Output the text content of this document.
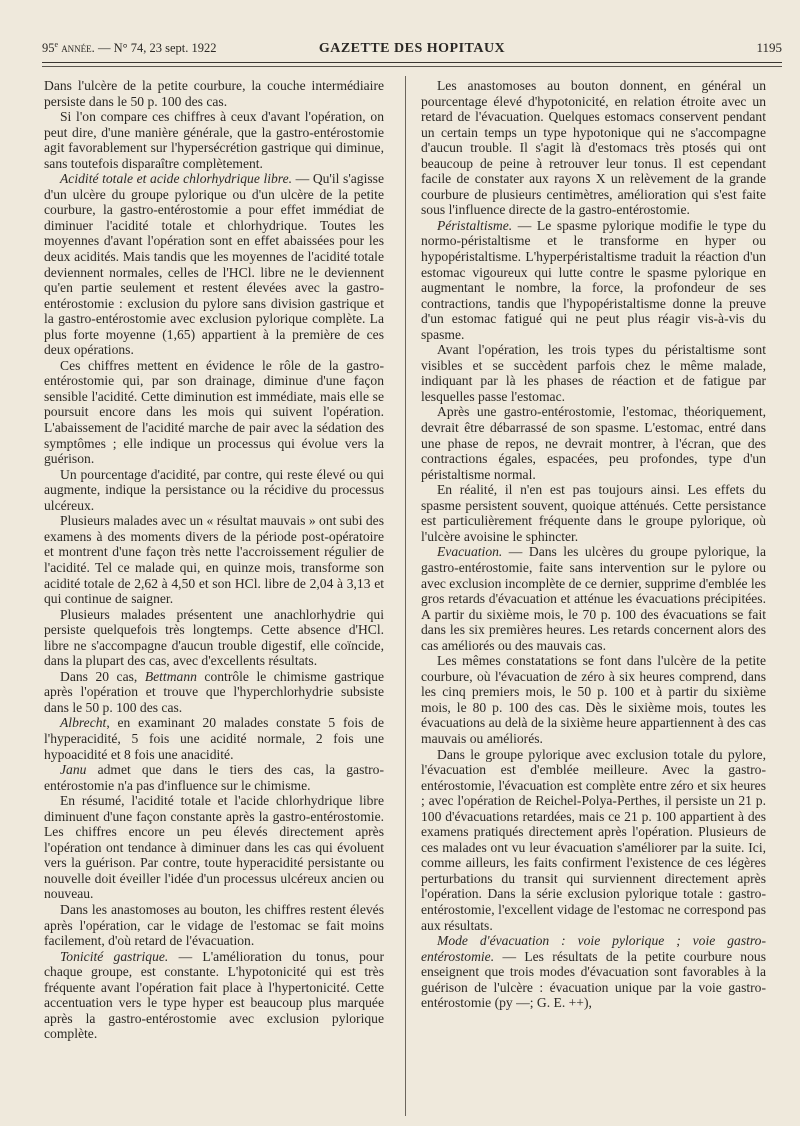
95e année. — N° 74, 23 sept. 1922	GAZETTE DES HOPITAUX	1195

Dans l'ulcère de la petite courbure, la couche intermédiaire persiste dans le 50 p. 100 des cas.

Si l'on compare ces chiffres à ceux d'avant l'opération, on peut dire, d'une manière générale, que la gastro-entérostomie agit favorablement sur l'hypersécrétion gastrique qui diminue, sans toutefois disparaître complètement.

Acidité totale et acide chlorhydrique libre. — Qu'il s'agisse d'un ulcère du groupe pylorique ou d'un ulcère de la petite courbure, la gastro-entérostomie a pour effet immédiat de diminuer l'acidité totale et chlorhydrique. Toutes les moyennes d'avant l'opération sont en effet abaissées pour les deux acidités. Mais tandis que les moyennes de l'acidité totale deviennent normales, celles de l'HCl. libre ne le deviennent qu'en partie seulement et restent élevées avec la gastro-entérostomie : exclusion du pylore sans division gastrique et la gastro-entérostomie avec exclusion pylorique complète. La plus forte moyenne (1,65) appartient à la première de ces deux opérations.

Ces chiffres mettent en évidence le rôle de la gastro-entérostomie qui, par son drainage, diminue d'une façon sensible l'acidité. Cette diminution est immédiate, mais elle se poursuit encore dans les mois qui suivent l'opération. L'abaissement de l'acidité marche de pair avec la sédation des symptômes ; elle indique un processus qui évolue vers la guérison.

Un pourcentage d'acidité, par contre, qui reste élevé ou qui augmente, indique la persistance ou la récidive du processus ulcéreux.

Plusieurs malades avec un « résultat mauvais » ont subi des examens à des moments divers de la période post-opératoire et montrent d'une façon très nette l'accroissement régulier de l'acidité. Tel ce malade qui, en quinze mois, transforme son acidité totale de 2,62 à 4,50 et son HCl. libre de 2,04 à 3,13 et qui continue de saigner.

Plusieurs malades présentent une anachlorhydrie qui persiste quelquefois très longtemps. Cette absence d'HCl. libre ne s'accompagne d'aucun trouble digestif, elle coïncide, dans la plupart des cas, avec d'excellents résultats.

Dans 20 cas, Bettmann contrôle le chimisme gastrique après l'opération et trouve que l'hyperchlorhydrie subsiste dans le 50 p. 100 des cas.

Albrecht, en examinant 20 malades constate 5 fois de l'hyperacidité, 5 fois une acidité normale, 2 fois une hypoacidité et 8 fois une anacidité.

Janu admet que dans le tiers des cas, la gastro-entérostomie n'a pas d'influence sur le chimisme.

En résumé, l'acidité totale et l'acide chlorhydrique libre diminuent d'une façon constante après la gastro-entérostomie. Les chiffres encore un peu élevés directement après l'opération ont tendance à diminuer dans les cas qui évoluent vers la guérison. Par contre, toute hyperacidité persistante ou nouvelle doit éveiller l'idée d'un processus ulcéreux ancien ou nouveau.

Dans les anastomoses au bouton, les chiffres restent élevés après l'opération, car le vidage de l'estomac se fait moins facilement, d'où retard de l'évacuation.

Tonicité gastrique. — L'amélioration du tonus, pour chaque groupe, est constante. L'hypotonicité qui est très fréquente avant l'opération fait place à l'hypertonicité. Cette accentuation vers le type hyper est beaucoup plus marquée après la gastro-entérostomie avec exclusion pylorique complète.

Les anastomoses au bouton donnent, en général un pourcentage élevé d'hypotonicité, en relation étroite avec un retard de l'évacuation. Quelques estomacs conservent pendant un certain temps un type hypotonique qui ne s'accompagne d'aucun trouble. Il s'agit là d'estomacs très ptosés qui ont beaucoup de peine à retrouver leur tonus. Il est cependant facile de constater aux rayons X un relèvement de la grande courbure de plusieurs centimètres, amélioration qui s'est faite sous l'influence directe de la gastro-entérostomie.

Péristaltisme. — Le spasme pylorique modifie le type du normo-péristaltisme et le transforme en hyper ou hypopéristaltisme. L'hyperpéristaltisme traduit la réaction d'un estomac vigoureux qui lutte contre le spasme pylorique en augmentant le nombre, la force, la profondeur de ses contractions, tandis que l'hypopéristaltisme donne la preuve d'un estomac fatigué qui ne peut plus réagir vis-à-vis du spasme.

Avant l'opération, les trois types du péristaltisme sont visibles et se succèdent parfois chez le même malade, indiquant par là les phases de réaction et de fatigue par lesquelles passe l'estomac.

Après une gastro-entérostomie, l'estomac, théoriquement, devrait être débarrassé de son spasme. L'estomac, entré dans une phase de repos, ne devrait montrer, à l'écran, que des contractions égales, espacées, peu profondes, type d'un péristaltisme normal.

En réalité, il n'en est pas toujours ainsi. Les effets du spasme persistent souvent, quoique atténués. Cette persistance est particulièrement fréquente dans le groupe pylorique, où l'ulcère avoisine le sphincter.

Evacuation. — Dans les ulcères du groupe pylorique, la gastro-entérostomie, faite sans intervention sur le pylore ou avec exclusion incomplète de ce dernier, supprime d'emblée les gros retards d'évacuation et atténue les évacuations précipitées. A partir du sixième mois, le 70 p. 100 des évacuations se fait dans les six premières heures. Les retards concernent alors des cas améliorés ou des mauvais cas.

Les mêmes constatations se font dans l'ulcère de la petite courbure, où l'évacuation de zéro à six heures comprend, dans les cinq premiers mois, le 50 p. 100 et à partir du sixième mois, le 80 p. 100 des cas. Dès le sixième mois, toutes les évacuations au delà de la sixième heure appartiennent à des cas mauvais ou améliorés.

Dans le groupe pylorique avec exclusion totale du pylore, l'évacuation est d'emblée meilleure. Avec la gastro-entérostomie, l'évacuation est complète entre zéro et six heures ; avec l'opération de Reichel-Polya-Perthes, il persiste un 21 p. 100 d'évacuations retardées, mais ce 21 p. 100 appartient à des examens pratiqués directement après l'opération. Plusieurs de ces malades ont vu leur évacuation s'améliorer par la suite. Ici, comme ailleurs, les faits confirment l'existence de ces légères perturbations du transit qui surviennent directement après l'opération. Dans la série exclusion pylorique totale : gastro-entérostomie, l'excellent vidage de l'estomac ne correspond pas aux résultats.

Mode d'évacuation : voie pylorique ; voie gastro-entérostomie. — Les résultats de la petite courbure nous enseignent que trois modes d'évacuation sont favorables à la guérison de l'ulcère : évacuation unique par la voie gastro-entérostomie (py —; G. E. ++),
